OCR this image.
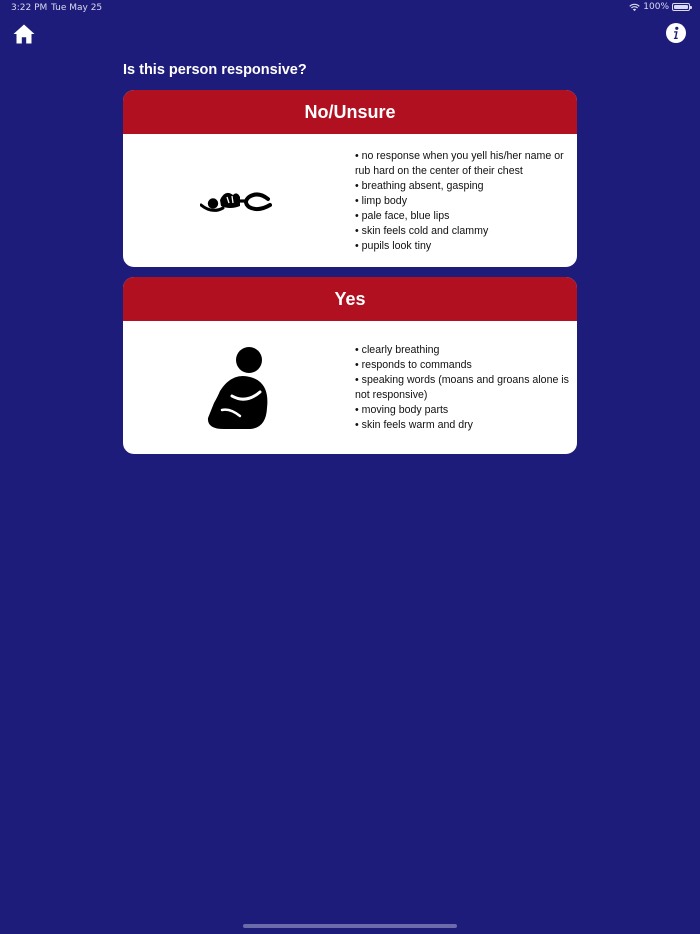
3:22 PM Tue May 25	100%
Is this person responsive?
No/Unsure
• no response when you yell his/her name or rub hard on the center of their chest
• breathing absent, gasping
• limp body
• pale face, blue lips
• skin feels cold and clammy
• pupils look tiny
Yes
• clearly breathing
• responds to commands
• speaking words (moans and groans alone is not responsive)
• moving body parts
• skin feels warm and dry
